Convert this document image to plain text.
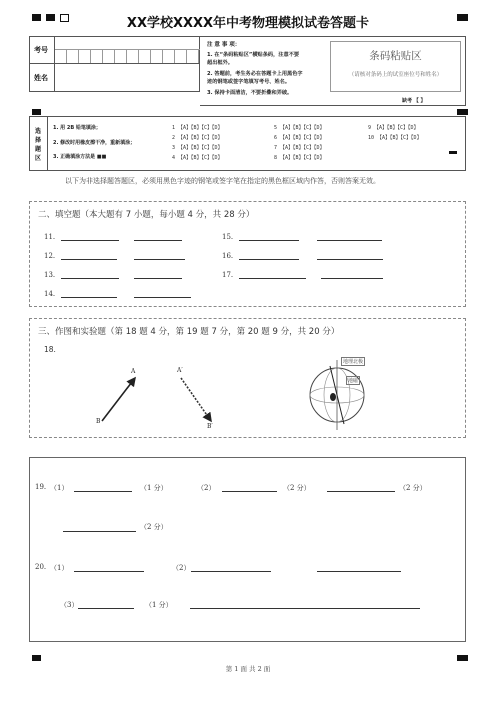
XX学校XXXX年中考物理模拟试卷答题卡
考号
姓名
注 意 事 项：
1. 在“条码粘贴区”横贴条码，注意不要
超出框外。
2. 答题前，考生务必在答题卡上用黑色字
迹的钢笔或签字笔填写考号、姓名。
3. 保持卡面清洁，不要折叠和弄破。
缺考 【 】
条码粘贴区
（请核对条码上的试室座位号和姓名）
选
择
题
区
1. 用 2B 铅笔填涂；
2. 修改时用橡皮擦干净，重新填涂；
3. 正确填涂方法是 ■■
1 【A】【B】【C】【D】	5 【A】【B】【C】【D】	9 【A】【B】【C】【D】
2 【A】【B】【C】【D】	6 【A】【B】【C】【D】	10 【A】【B】【C】【D】
3 【A】【B】【C】【D】	7 【A】【B】【C】【D】
4 【A】【B】【C】【D】	8 【A】【B】【C】【D】
以下为非选择题答题区，必须用黑色字迹的钢笔或签字笔在指定的黑色框区域内作答，否则答案无效。
二、填空题（本大题有 7 小题，每小题 4 分，共 28 分）
11.	15.
12.	16.
13.	17.
14.
三、作图和实验题（第 18 题 4 分，第 19 题 7 分，第 20 题 9 分，共 20 分）
18.
A	A′
B
B′
地理北极
地磁
19. （1）	（1 分）	（2）	（2 分）	（2 分）
（2 分）
20. （1）	（2）
（3）	（1 分）
第 1 面 共 2 面
